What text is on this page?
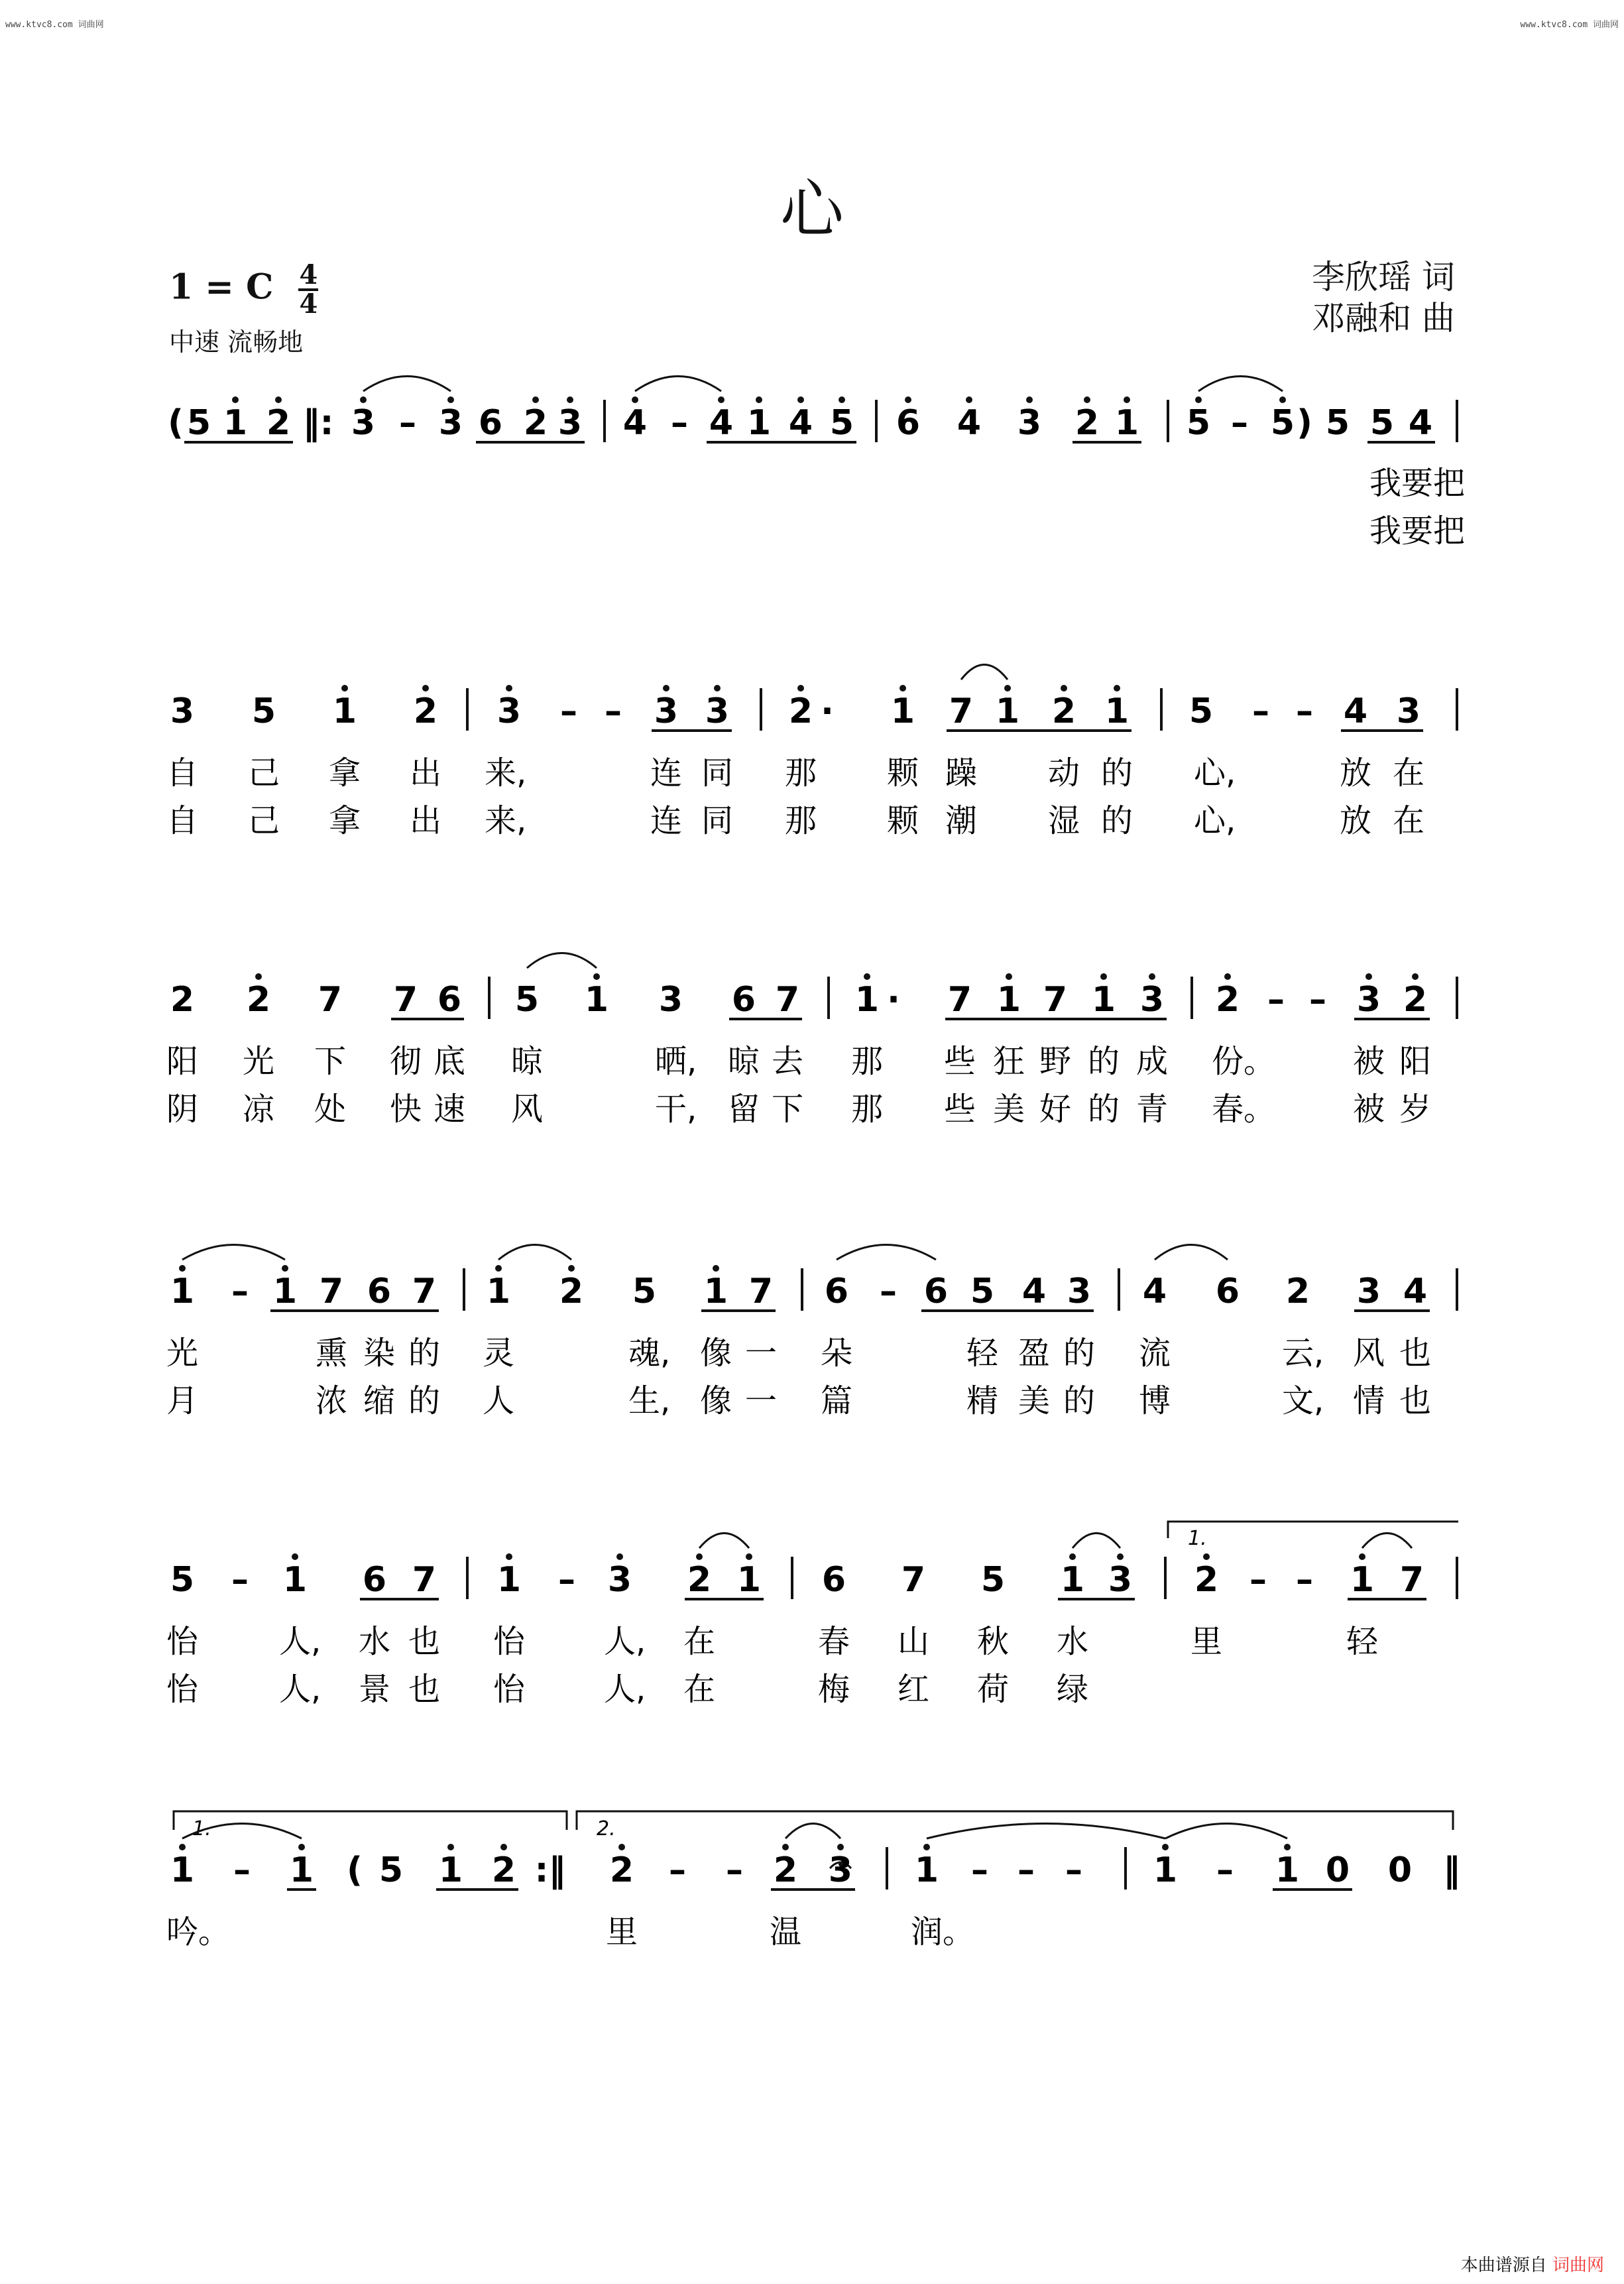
www.ktvc8.com 词曲网	www.ktvc8.com 词曲网
心
李欣瑶 词
邓融和 曲
1 = C $\frac{4}{4}$
中速 流畅地
1.
1.	2.
( 5 1 2 ‖: 3 – 3 6 2 3 4 – 4 1 4 5 6 4 3 2 1 5 – 5 ) 5 5 4
我要把
我要把
3 5 1 2 3 – – 3 3 2 · 1 7 1 2 1 5 – – 4 3
自 己 拿 出 来,	连 同 那 颗 躁 动 的 心,	放 在
自 己 拿 出 来,	连 同 那 颗 潮 湿 的 心,	放 在
2 2 7 7 6 5 1 3 6 7 1 · 7 1 7 1 3 2 – – 3 2
阳 光 下 彻 底 晾	晒, 晾 去 那 些 狂 野 的 成 份。 被 阳
阴 凉 处 快 速 风	干, 留 下 那 些 美 好 的 青 春。 被 岁
1 – 1 7 6 7 1 2 5 1 7 6 – 6 5 4 3 4 6 2 3 4
光	熏 染 的 灵	魂, 像 一 朵	轻 盈 的 流	云, 风 也
月	浓 缩 的 人	生, 像 一 篇	精 美 的 博	文, 情 也
5 – 1 6 7 1 – 3 2 1 6 7 5 1 3 2 – – 1 7
怡	人, 水 也 怡 人, 在	春 山 秋 水	里	轻
怡	人, 景 也 怡 人, 在	梅 红 荷 绿
1 – 1 ( 5 1 2 :‖ 2 – – 2 3 1 – – – 1 – 1 0 0 ‖
吟。	里	温	润。
本曲谱源自 词曲网
